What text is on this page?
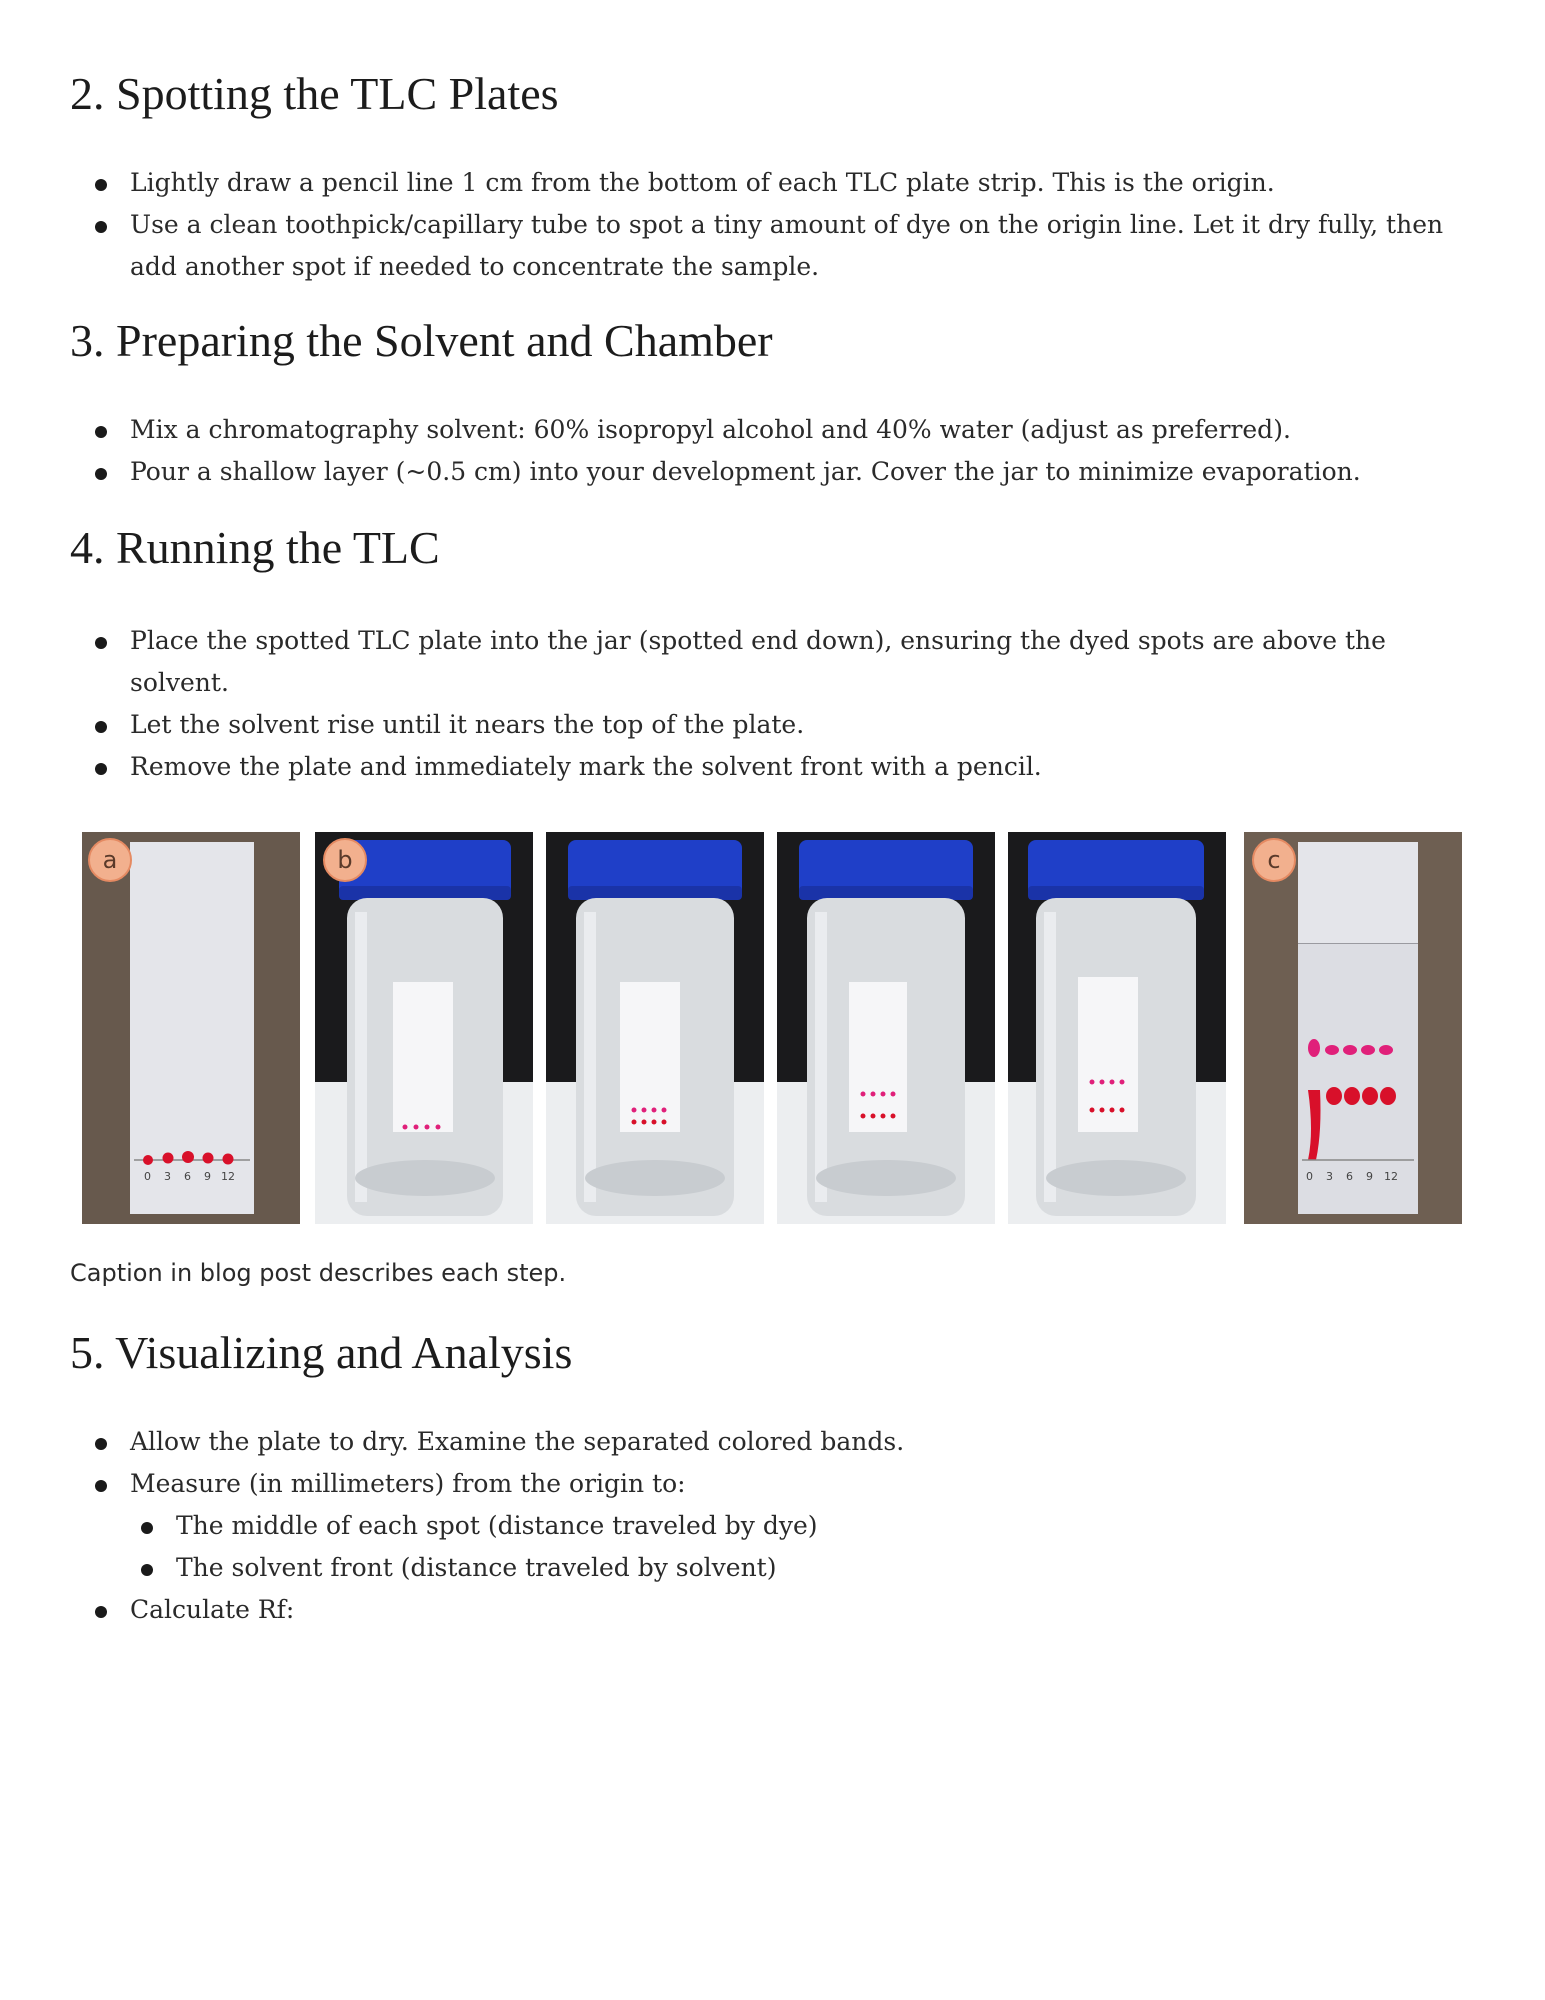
2. Spotting the TLC Plates
Lightly draw a pencil line 1 cm from the bottom of each TLC plate strip. This is the origin.
Use a clean toothpick/capillary tube to spot a tiny amount of dye on the origin line. Let it dry fully, then add another spot if needed to concentrate the sample.
3. Preparing the Solvent and Chamber
Mix a chromatography solvent: 60% isopropyl alcohol and 40% water (adjust as preferred).
Pour a shallow layer (~0.5 cm) into your development jar. Cover the jar to minimize evaporation.
4. Running the TLC
Place the spotted TLC plate into the jar (spotted end down), ensuring the dyed spots are above the solvent.
Let the solvent rise until it nears the top of the plate.
Remove the plate and immediately mark the solvent front with a pencil.
0 3 6 9 12
a	b
0 3 6 9 12
c

Caption in blog post describes each step.

5. Visualizing and Analysis
Allow the plate to dry. Examine the separated colored bands.
Measure (in millimeters) from the origin to:
The middle of each spot (distance traveled by dye)
The solvent front (distance traveled by solvent)
Calculate Rf:
